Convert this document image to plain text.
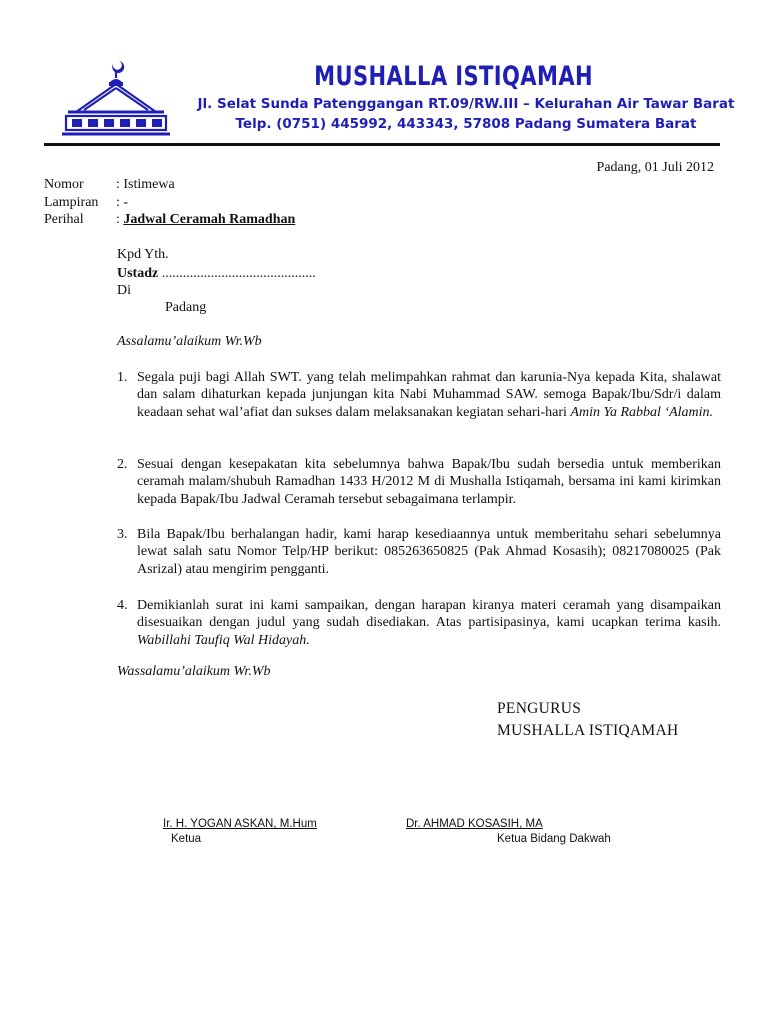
MUSHALLA ISTIQAMAH
Jl. Selat Sunda Patenggangan RT.09/RW.III – Kelurahan Air Tawar Barat
Telp. (0751) 445992, 443343, 57808 Padang Sumatera Barat
Padang, 01 Juli 2012
Nomor : Istimewa
Lampiran : -
Perihal : Jadwal Ceramah Ramadhan
Kpd Yth.
Ustadz ............................................
Di
Padang
Assalamu’alaikum Wr.Wb
1. Segala puji bagi Allah SWT. yang telah melimpahkan rahmat dan karunia-Nya kepada Kita, shalawat dan salam dihaturkan kepada junjungan kita Nabi Muhammad SAW. semoga Bapak/Ibu/Sdr/i dalam keadaan sehat wal’afiat dan sukses dalam melaksanakan kegiatan sehari-hari Amin Ya Rabbal ‘Alamin.
2. Sesuai dengan kesepakatan kita sebelumnya bahwa Bapak/Ibu sudah bersedia untuk memberikan ceramah malam/shubuh Ramadhan 1433 H/2012 M di Mushalla Istiqamah, bersama ini kami kirimkan kepada Bapak/Ibu Jadwal Ceramah tersebut sebagaimana terlampir.
3. Bila Bapak/Ibu berhalangan hadir, kami harap kesediaannya untuk memberitahu sehari sebelumnya lewat salah satu Nomor Telp/HP berikut: 085263650825 (Pak Ahmad Kosasih); 08217080025 (Pak Asrizal) atau mengirim pengganti.
4. Demikianlah surat ini kami sampaikan, dengan harapan kiranya materi ceramah yang disampaikan disesuaikan dengan judul yang sudah disediakan. Atas partisipasinya, kami ucapkan terima kasih. Wabillahi Taufiq Wal Hidayah.
Wassalamu’alaikum Wr.Wb
PENGURUS
MUSHALLA ISTIQAMAH
Ir. H. YOGAN ASKAN, M.Hum
Ketua
Dr. AHMAD KOSASIH, MA
Ketua Bidang Dakwah
